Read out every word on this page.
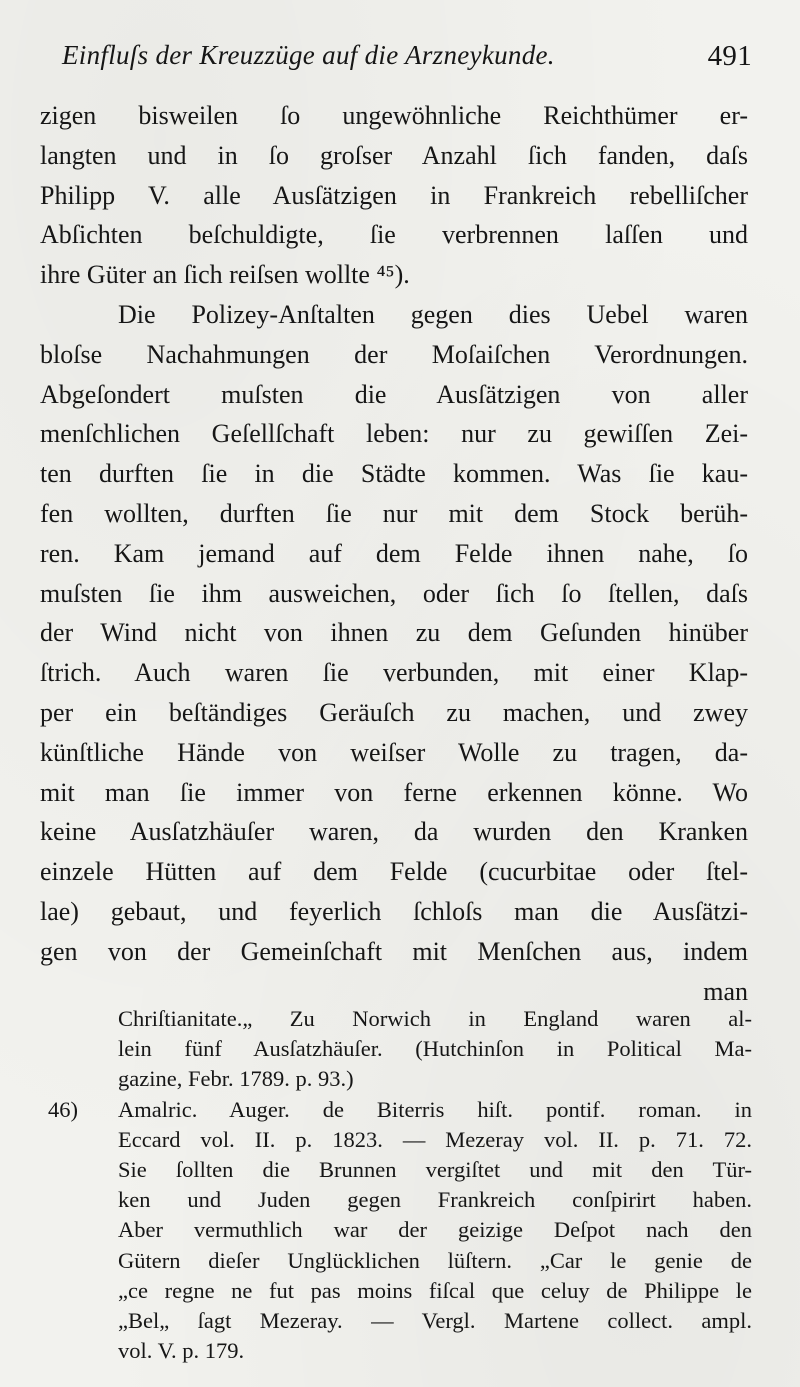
Einfluſs der Kreuzzüge auf die Arzneykunde.	491
zigen bisweilen ſo ungewöhnliche Reichthümer er-
langten und in ſo groſser Anzahl ſich fanden, daſs
Philipp V. alle Ausſätzigen in Frankreich rebelliſcher
Abſichten beſchuldigte, ſie verbrennen laſſen und
ihre Güter an ſich reiſsen wollte ⁴⁵).
Die Polizey-Anſtalten gegen dies Uebel waren
bloſse Nachahmungen der Moſaiſchen Verordnungen.
Abgeſondert muſsten die Ausſätzigen von aller
menſchlichen Geſellſchaft leben: nur zu gewiſſen Zei-
ten durften ſie in die Städte kommen. Was ſie kau-
fen wollten, durften ſie nur mit dem Stock berüh-
ren. Kam jemand auf dem Felde ihnen nahe, ſo
muſsten ſie ihm ausweichen, oder ſich ſo ſtellen, daſs
der Wind nicht von ihnen zu dem Geſunden hinüber
ſtrich. Auch waren ſie verbunden, mit einer Klap-
per ein beſtändiges Geräuſch zu machen, und zwey
künſtliche Hände von weiſser Wolle zu tragen, da-
mit man ſie immer von ferne erkennen könne. Wo
keine Ausſatzhäuſer waren, da wurden den Kranken
einzele Hütten auf dem Felde (cucurbitae oder ſtel-
lae) gebaut, und feyerlich ſchloſs man die Ausſätzi-
gen von der Gemeinſchaft mit Menſchen aus, indem
man
Chriſtianitate.„ Zu Norwich in England waren al-
lein fünf Ausſatzhäuſer. (Hutchinſon in Political Ma-
gazine, Febr. 1789. p. 93.)
46)	Amalric. Auger. de Biterris hiſt. pontif. roman. in
Eccard vol. II. p. 1823. — Mezeray vol. II. p. 71. 72.
Sie ſollten die Brunnen vergiſtet und mit den Tür-
ken und Juden gegen Frankreich conſpirirt haben.
Aber vermuthlich war der geizige Deſpot nach den
Gütern dieſer Unglücklichen lüſtern. „Car le genie de
„ce regne ne fut pas moins fiſcal que celuy de Philippe le
„Bel„ ſagt Mezeray. — Vergl. Martene collect. ampl.
vol. V. p. 179.
